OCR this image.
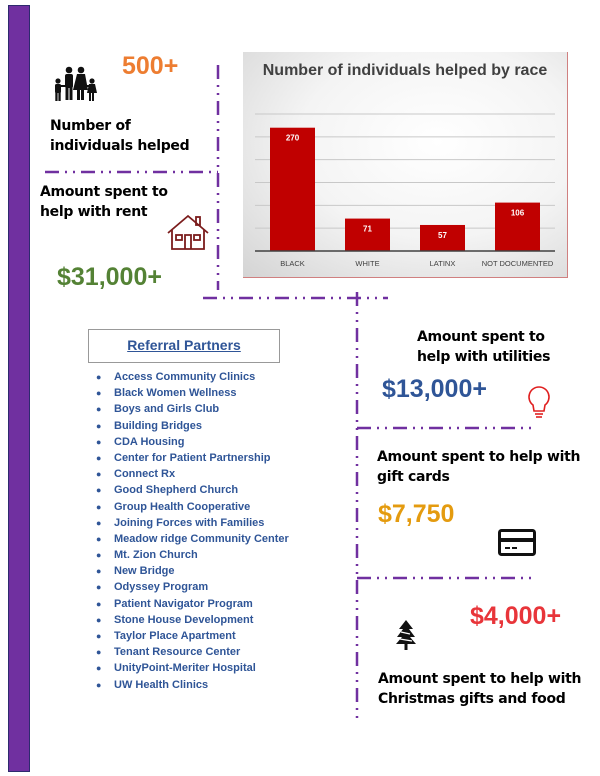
500+
Number of
individuals helped
Amount spent to
help with rent
$31,000+
Number of individuals helped by race
270
BLACK
71
WHITE
57
LATINX
106
NOT DOCUMENTED
Referral Partners
● Access Community Clinics
● Black Women Wellness
● Boys and Girls Club
● Building Bridges
● CDA Housing
● Center for Patient Partnership
● Connect Rx
● Good Shepherd Church
● Group Health Cooperative
● Joining Forces with Families
● Meadow ridge Community Center
● Mt. Zion Church
● New Bridge
● Odyssey Program
● Patient Navigator Program
● Stone House Development
● Taylor Place Apartment
● Tenant Resource Center
● UnityPoint-Meriter Hospital
● UW Health Clinics
Amount spent to
help with utilities
$13,000+
Amount spent to help with
gift cards
$7,750
$4,000+
Amount spent to help with
Christmas gifts and food
